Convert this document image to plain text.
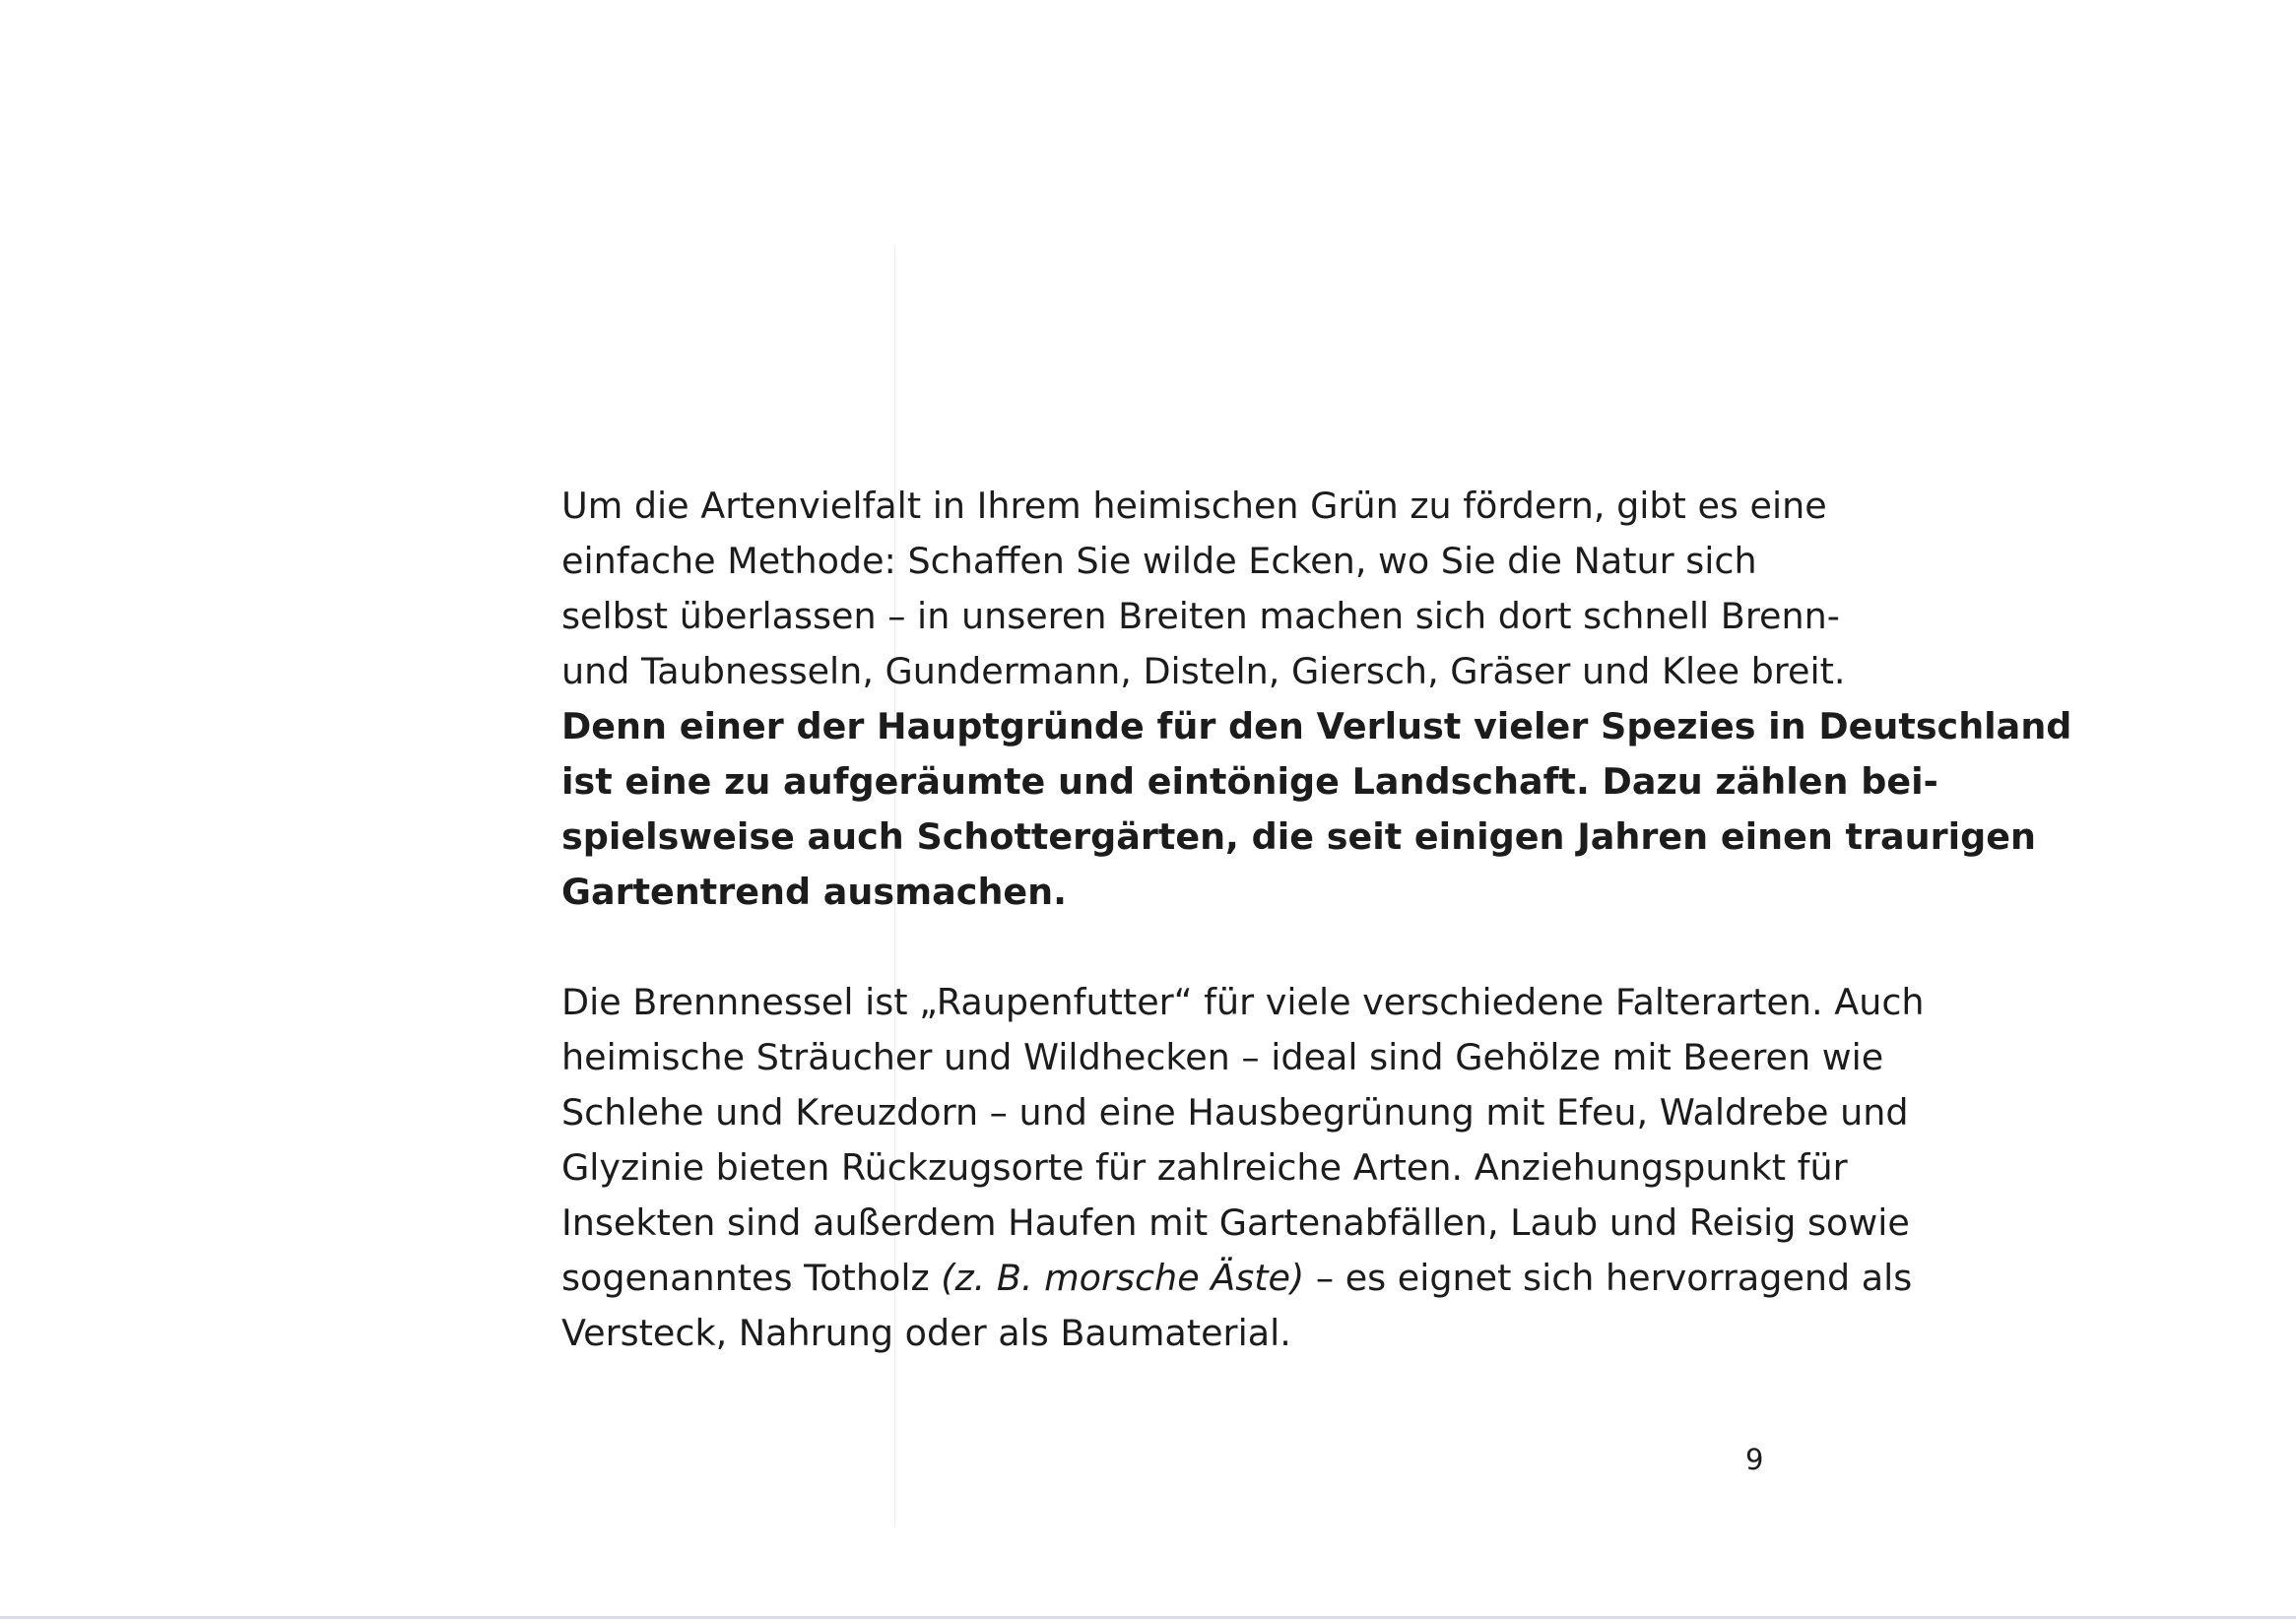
Um die Artenvielfalt in Ihrem heimischen Grün zu fördern, gibt es eine
einfache Methode: Schaffen Sie wilde Ecken, wo Sie die Natur sich
selbst überlassen – in unseren Breiten machen sich dort schnell Brenn-
und Taubnesseln, Gundermann, Disteln, Giersch, Gräser und Klee breit.
Denn einer der Hauptgründe für den Verlust vieler Spezies in Deutschland
ist eine zu aufgeräumte und eintönige Landschaft. Dazu zählen bei-
spielsweise auch Schottergärten, die seit einigen Jahren einen traurigen
Gartentrend ausmachen.

Die Brennnessel ist „Raupenfutter“ für viele verschiedene Falterarten. Auch
heimische Sträucher und Wildhecken – ideal sind Gehölze mit Beeren wie
Schlehe und Kreuzdorn – und eine Hausbegrünung mit Efeu, Waldrebe und
Glyzinie bieten Rückzugsorte für zahlreiche Arten. Anziehungspunkt für
Insekten sind außerdem Haufen mit Gartenabfällen, Laub und Reisig sowie
sogenanntes Totholz (z. B. morsche Äste) – es eignet sich hervorragend als
Versteck, Nahrung oder als Baumaterial.

9
